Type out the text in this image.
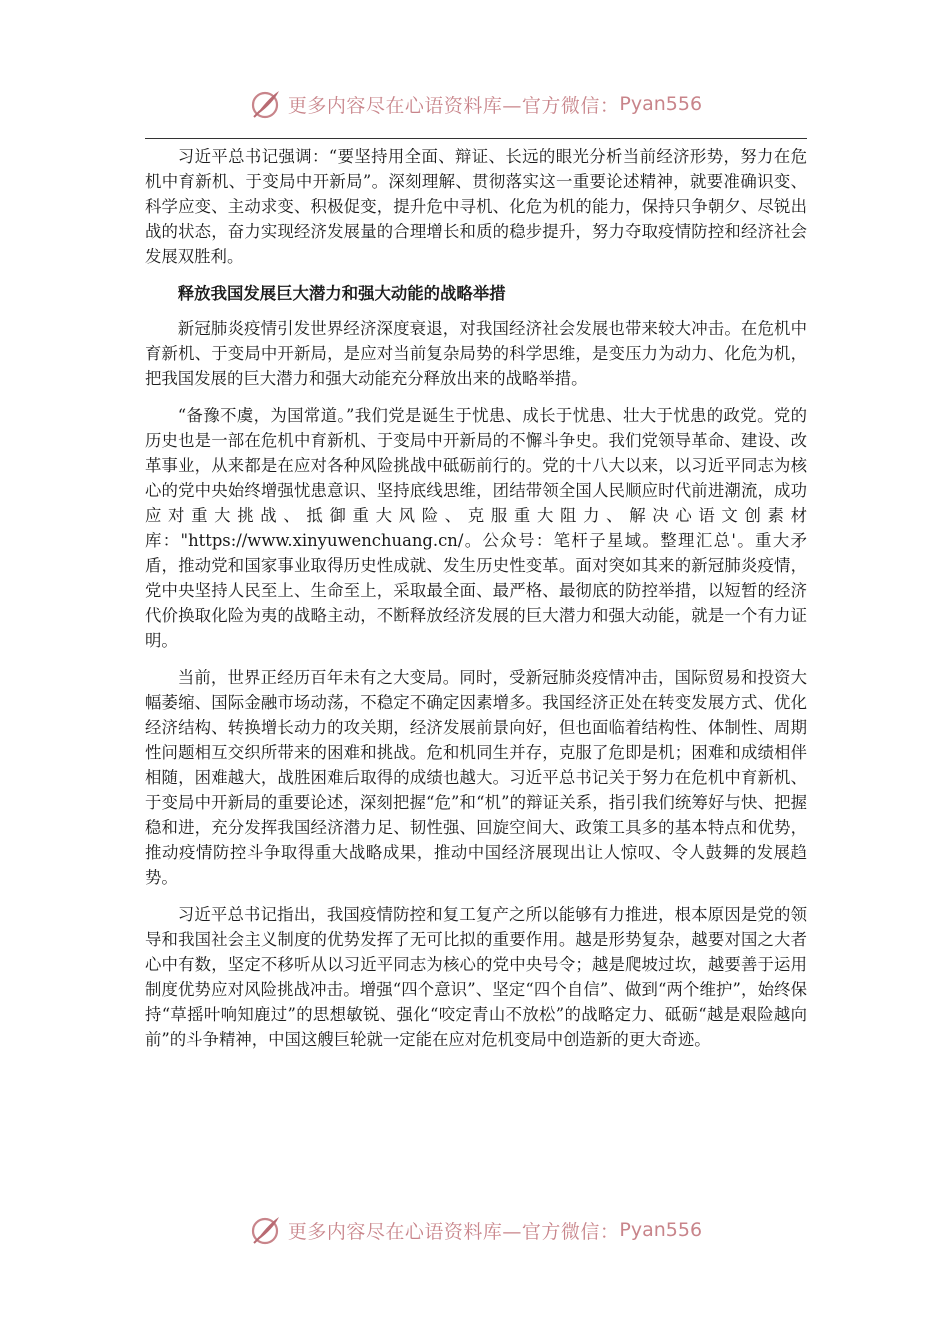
更多内容尽在心语资料库—官方微信： Pyan556

习近平总书记强调：“要坚持用全面、辩证、长远的眼光分析当前经济形势，努力在危机中育新机、于变局中开新局”。深刻理解、贯彻落实这一重要论述精神，就要准确识变、科学应变、主动求变、积极促变，提升危中寻机、化危为机的能力，保持只争朝夕、尽锐出战的状态，奋力实现经济发展量的合理增长和质的稳步提升，努力夺取疫情防控和经济社会发展双胜利。

释放我国发展巨大潜力和强大动能的战略举措

新冠肺炎疫情引发世界经济深度衰退，对我国经济社会发展也带来较大冲击。在危机中育新机、于变局中开新局，是应对当前复杂局势的科学思维，是变压力为动力、化危为机，把我国发展的巨大潜力和强大动能充分释放出来的战略举措。

“备豫不虞，为国常道。”我们党是诞生于忧患、成长于忧患、壮大于忧患的政党。党的历史也是一部在危机中育新机、于变局中开新局的不懈斗争史。我们党领导革命、建设、改革事业，从来都是在应对各种风险挑战中砥砺前行的。党的十八大以来，以习近平同志为核心的党中央始终增强忧患意识、坚持底线思维，团结带领全国人民顺应时代前进潮流，成功应对重大挑战、抵御重大风险、克服重大阻力、解决心语文创素材库："https://www.xinyuwenchuang.cn/。公众号：笔杆子星域。整理汇总'。重大矛盾，推动党和国家事业取得历史性成就、发生历史性变革。面对突如其来的新冠肺炎疫情，党中央坚持人民至上、生命至上，采取最全面、最严格、最彻底的防控举措，以短暂的经济代价换取化险为夷的战略主动，不断释放经济发展的巨大潜力和强大动能，就是一个有力证明。

当前，世界正经历百年未有之大变局。同时，受新冠肺炎疫情冲击，国际贸易和投资大幅萎缩、国际金融市场动荡，不稳定不确定因素增多。我国经济正处在转变发展方式、优化经济结构、转换增长动力的攻关期，经济发展前景向好，但也面临着结构性、体制性、周期性问题相互交织所带来的困难和挑战。危和机同生并存，克服了危即是机；困难和成绩相伴相随，困难越大，战胜困难后取得的成绩也越大。习近平总书记关于努力在危机中育新机、于变局中开新局的重要论述，深刻把握“危”和“机”的辩证关系，指引我们统筹好与快、把握稳和进，充分发挥我国经济潜力足、韧性强、回旋空间大、政策工具多的基本特点和优势，推动疫情防控斗争取得重大战略成果，推动中国经济展现出让人惊叹、令人鼓舞的发展趋势。

习近平总书记指出，我国疫情防控和复工复产之所以能够有力推进，根本原因是党的领导和我国社会主义制度的优势发挥了无可比拟的重要作用。越是形势复杂，越要对国之大者心中有数，坚定不移听从以习近平同志为核心的党中央号令；越是爬坡过坎，越要善于运用制度优势应对风险挑战冲击。增强“四个意识”、坚定“四个自信”、做到“两个维护”，始终保持“草摇叶响知鹿过”的思想敏锐、强化“咬定青山不放松”的战略定力、砥砺“越是艰险越向前”的斗争精神，中国这艘巨轮就一定能在应对危机变局中创造新的更大奇迹。

更多内容尽在心语资料库—官方微信： Pyan556
